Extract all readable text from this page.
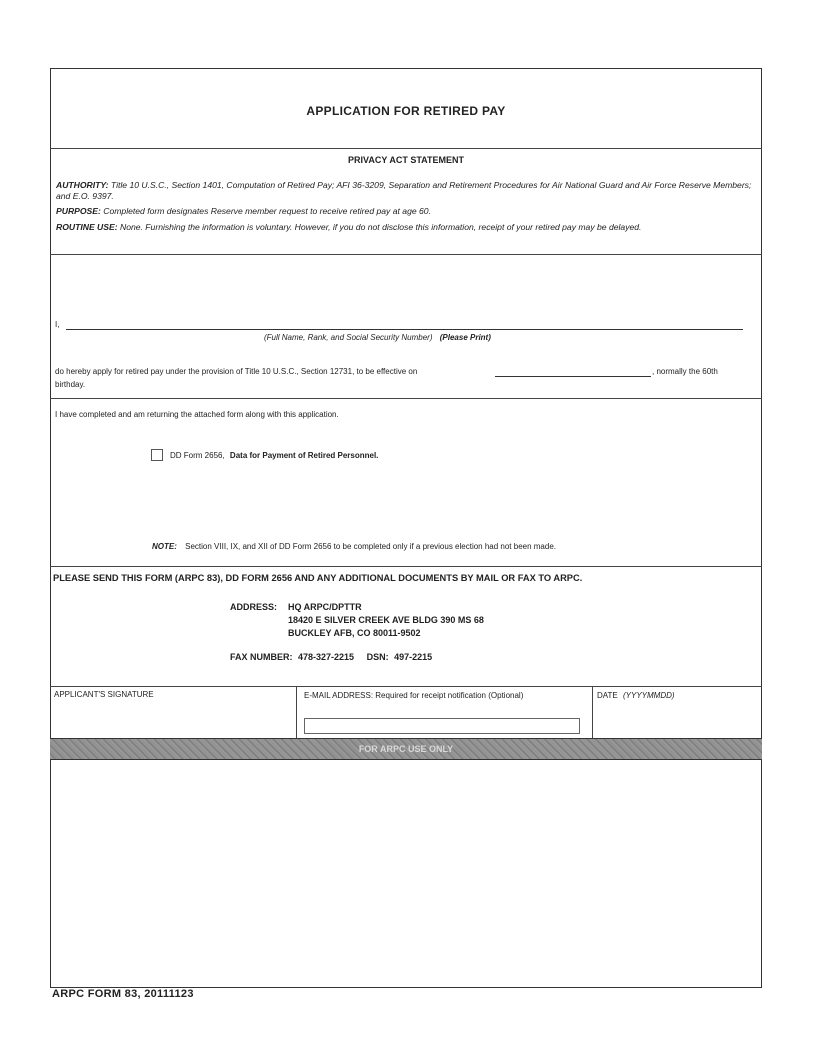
APPLICATION FOR RETIRED PAY
PRIVACY ACT STATEMENT
AUTHORITY: Title 10 U.S.C., Section 1401, Computation of Retired Pay; AFI 36-3209, Separation and Retirement Procedures for Air National Guard and Air Force Reserve Members; and E.O. 9397.
PURPOSE: Completed form designates Reserve member request to receive retired pay at age 60.
ROUTINE USE: None. Furnishing the information is voluntary. However, if you do not disclose this information, receipt of your retired pay may be delayed.
I,
(Full Name, Rank, and Social Security Number) (Please Print)
do hereby apply for retired pay under the provision of Title 10 U.S.C., Section 12731, to be effective on	, normally the 60th
birthday.
I have completed and am returning the attached form along with this application.
DD Form 2656, Data for Payment of Retired Personnel.
NOTE: Section VIII, IX, and XII of DD Form 2656 to be completed only if a previous election had not been made.
PLEASE SEND THIS FORM (ARPC 83), DD FORM 2656 AND ANY ADDITIONAL DOCUMENTS BY MAIL OR FAX TO ARPC.
ADDRESS: HQ ARPC/DPTTR
18420 E SILVER CREEK AVE BLDG 390 MS 68
BUCKLEY AFB, CO 80011-9502
FAX NUMBER: 478-327-2215 DSN: 497-2215
APPLICANT'S SIGNATURE	E-MAIL ADDRESS: Required for receipt notification (Optional)	DATE (YYYYMMDD)
FOR ARPC USE ONLY
ARPC FORM 83, 20111123
